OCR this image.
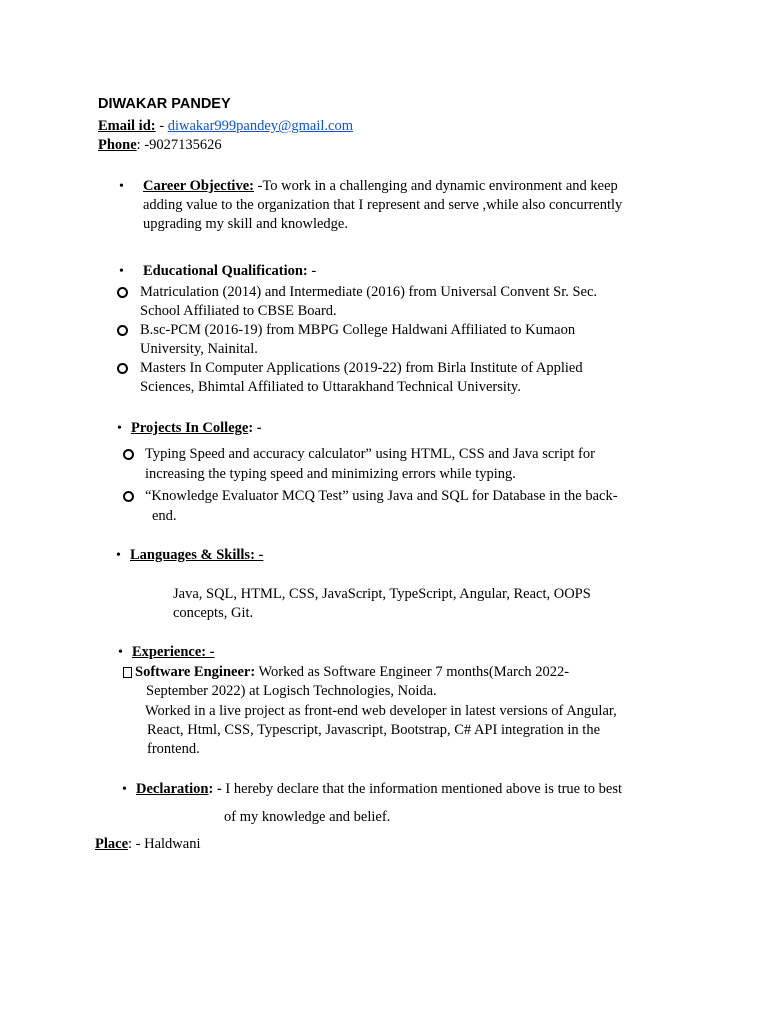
DIWAKAR PANDEY
Email id: - diwakar999pandey@gmail.com
Phone: -9027135626
• Career Objective: -To work in a challenging and dynamic environment and keep
adding value to the organization that I represent and serve ,while also concurrently
upgrading my skill and knowledge.
• Educational Qualification: -
Matriculation (2014) and Intermediate (2016) from Universal Convent Sr. Sec.
School Affiliated to CBSE Board.
B.sc-PCM (2016-19) from MBPG College Haldwani Affiliated to Kumaon
University, Nainital.
Masters In Computer Applications (2019-22) from Birla Institute of Applied
Sciences, Bhimtal Affiliated to Uttarakhand Technical University.
• Projects In College: -
Typing Speed and accuracy calculator” using HTML, CSS and Java script for
increasing the typing speed and minimizing errors while typing.
“Knowledge Evaluator MCQ Test” using Java and SQL for Database in the back-
end.
• Languages & Skills: -
Java, SQL, HTML, CSS, JavaScript, TypeScript, Angular, React, OOPS
concepts, Git.
• Experience: -
Software Engineer: Worked as Software Engineer 7 months(March 2022-
September 2022) at Logisch Technologies, Noida.
Worked in a live project as front-end web developer in latest versions of Angular,
React, Html, CSS, Typescript, Javascript, Bootstrap, C# API integration in the
frontend.
• Declaration: - I hereby declare that the information mentioned above is true to best
of my knowledge and belief.
Place: - Haldwani
